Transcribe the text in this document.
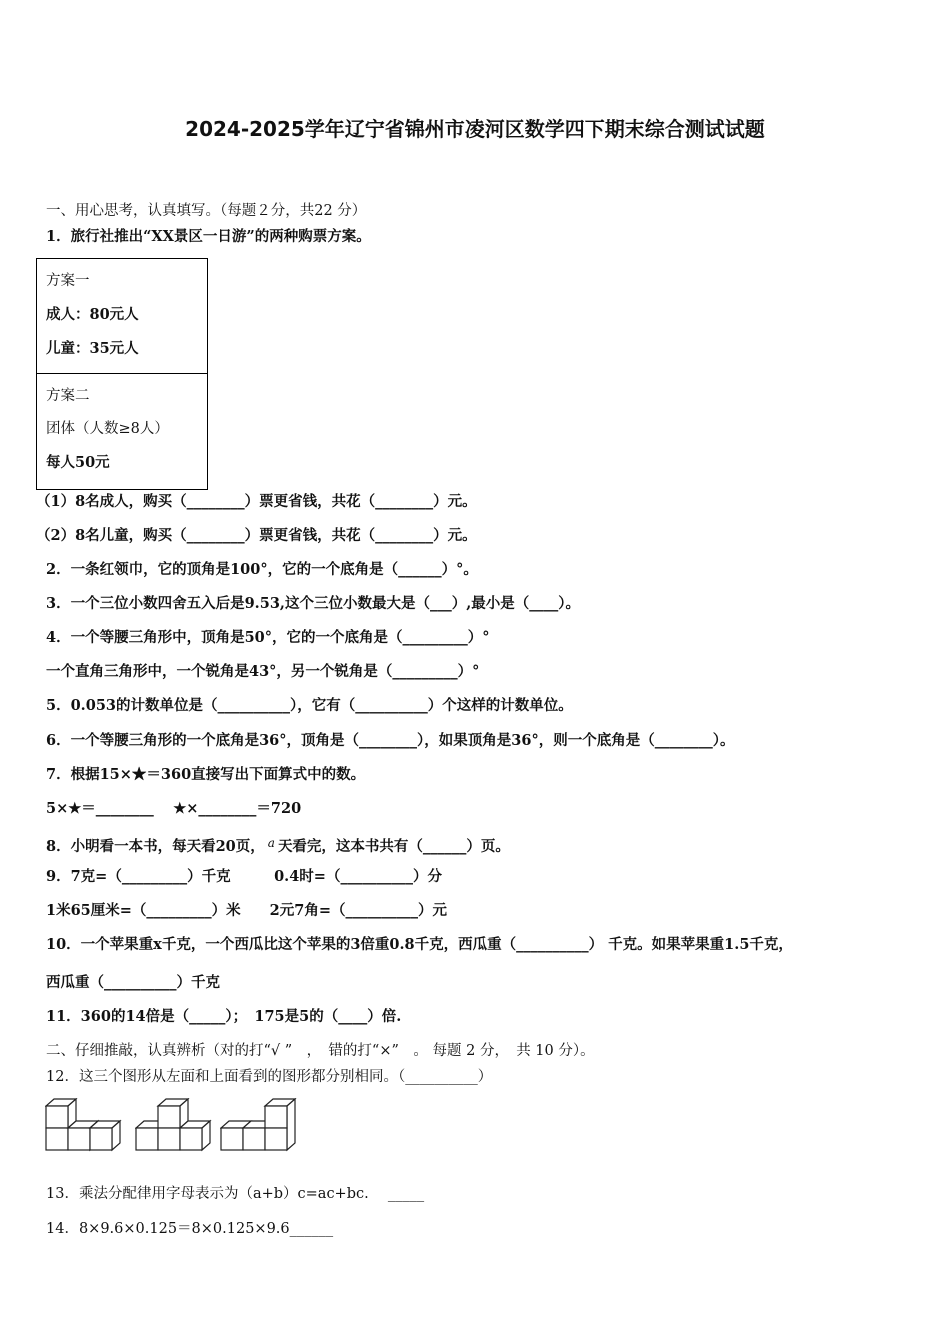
2024-2025学年辽宁省锦州市凌河区数学四下期末综合测试试题
一、用心思考，认真填写。（每题２分，共22 分）
1．旅行社推出“XX景区一日游”的两种购票方案。
方案一
成人：80元人
儿童：35元人
方案二
团体（人数≥8人）
每人50元
（1）8名成人，购买（________）票更省钱，共花（________）元。
（2）8名儿童，购买（________）票更省钱，共花（________）元。
2．一条红领巾，它的顶角是100°，它的一个底角是（______）°。
3．一个三位小数四舍五入后是9.53,这个三位小数最大是（___）,最小是（____）。
4．一个等腰三角形中，顶角是50°，它的一个底角是（_________）°
一个直角三角形中，一个锐角是43°，另一个锐角是（_________）°
5．0.053的计数单位是（__________），它有（__________）个这样的计数单位。
6．一个等腰三角形的一个底角是36°，顶角是（________），如果顶角是36°，则一个底角是（________）。
7．根据15×★＝360直接写出下面算式中的数。
5×★＝________　 ★×________＝720
8．小明看一本书，每天看20页， $^a$ 天看完，这本书共有（______）页。
9．7克=（_________）千克　　　0.4时=（__________）分
1米65厘米=（_________）米　　2元7角=（__________）元
10．一个苹果重x千克，一个西瓜比这个苹果的3倍重0.8千克，西瓜重（__________） 千克。如果苹果重1.5千克，
西瓜重（__________）千克
11．360的14倍是（_____）；　175是5的（____）倍.
二、仔细推敲，认真辨析（对的打“√ ”　，　错的打“×”　。 每题 2 分，　共 10 分）。
12．这三个图形从左面和上面看到的图形都分别相同。（__________）
13．乘法分配律用字母表示为（a+b）c=ac+bc.　 _____
14．8×9.6×0.125＝8×0.125×9.6______
